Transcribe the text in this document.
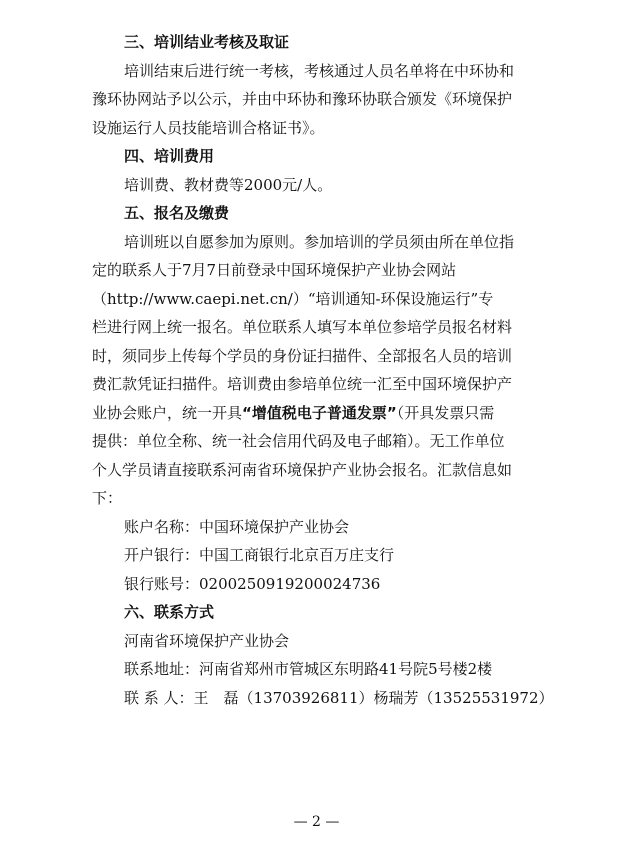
三、培训结业考核及取证
培训结束后进行统一考核，考核通过人员名单将在中环协和
豫环协网站予以公示，并由中环协和豫环协联合颁发《环境保护
设施运行人员技能培训合格证书》。
四、培训费用
培训费、教材费等2000元/人。
五、报名及缴费
培训班以自愿参加为原则。参加培训的学员须由所在单位指
定的联系人于7月7日前登录中国环境保护产业协会网站
（http://www.caepi.net.cn/）“培训通知-环保设施运行”专
栏进行网上统一报名。单位联系人填写本单位参培学员报名材料
时，须同步上传每个学员的身份证扫描件、全部报名人员的培训
费汇款凭证扫描件。培训费由参培单位统一汇至中国环境保护产
业协会账户，统一开具“增值税电子普通发票”（开具发票只需
提供：单位全称、统一社会信用代码及电子邮箱）。无工作单位
个人学员请直接联系河南省环境保护产业协会报名。汇款信息如
下：
账户名称：中国环境保护产业协会
开户银行：中国工商银行北京百万庄支行
银行账号：0200250919200024736
六、联系方式
河南省环境保护产业协会
联系地址：河南省郑州市管城区东明路41号院5号楼2楼
联 系 人：王　磊（13703926811）杨瑞芳（13525531972）
— 2 —
